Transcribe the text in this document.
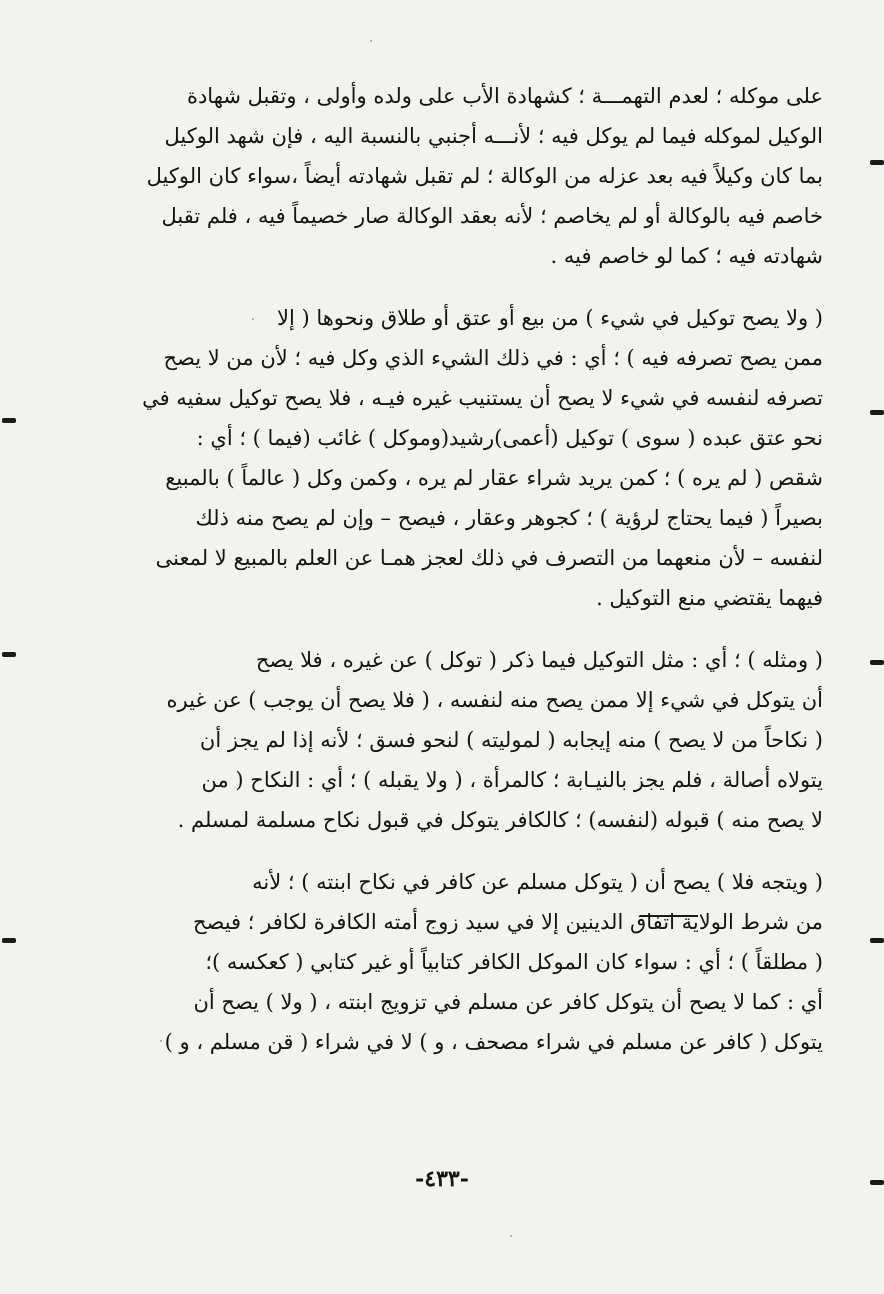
على موكله ؛ لعدم التهمـــة ؛ كشهادة الأب على ولده وأولى ، وتقبل شهادة
الوكيل لموكله فيما لم يوكل فيه ؛ لأنـــه أجنبي بالنسبة اليه ، فإن شهد الوكيل
بما كان وكيلاً فيه بعد عزله من الوكالة ؛ لم تقبل شهادته أيضاً ،سواء كان الوكيل
خاصم فيه بالوكالة أو لم يخاصم ؛ لأنه بعقد الوكالة صار خصيماً فيه ، فلم تقبل
شهادته فيه ؛ كما لو خاصم فيه .
( ولا يصح توكيل في شيء ) من بيع أو عتق أو طلاق ونحوها ( إلا
ممن يصح تصرفه فيه ) ؛ أي : في ذلك الشيء الذي وكل فيه ؛ لأن من لا يصح
تصرفه لنفسه في شيء لا يصح أن يستنيب غيره فيـه ، فلا يصح توكيل سفيه في
نحو عتق عبده ( سوى ) توكيل (أعمى)رشيد(وموكل ) غائب (فيما ) ؛ أي :
شقص ( لم يره ) ؛ كمن يريد شراء عقار لم يره ، وكمن وكل ( عالماً ) بالمبيع
بصيراً ( فيما يحتاج لرؤية ) ؛ كجوهر وعقار ، فيصح – وإن لم يصح منه ذلك
لنفسه – لأن منعهما من التصرف في ذلك لعجز همـا عن العلم بالمبيع لا لمعنى
فيهما يقتضي منع التوكيل .
( ومثله ) ؛ أي : مثل التوكيل فيما ذكر ( توكل ) عن غيره ، فلا يصح
أن يتوكل في شيء إلا ممن يصح منه لنفسه ، ( فلا يصح أن يوجب ) عن غيره
( نكاحاً من لا يصح ) منه إيجابه ( لموليته ) لنحو فسق ؛ لأنه إذا لم يجز أن
يتولاه أصالة ، فلم يجز بالنيـابة ؛ كالمرأة ، ( ولا يقبله ) ؛ أي : النكاح ( من
لا يصح منه ) قبوله (لنفسه) ؛ كالكافر يتوكل في قبول نكاح مسلمة لمسلم .
( ويتجه فلا ) يصح أن ( يتوكل مسلم عن كافر في نكاح ابنته ) ؛ لأنه
من شرط الولاية اتفاق الدينين إلا في سيد زوج أمته الكافرة لكافر ؛ فيصح
( مطلقاً ) ؛ أي : سواء كان الموكل الكافر كتابياً أو غير كتابي ( كعكسه )؛
أي : كما لا يصح أن يتوكل كافر عن مسلم في تزويج ابنته ، ( ولا ) يصح أن
يتوكل ( كافر عن مسلم في شراء مصحف ، و ) لا في شراء ( قن مسلم ، و )
-٤٣٣-
